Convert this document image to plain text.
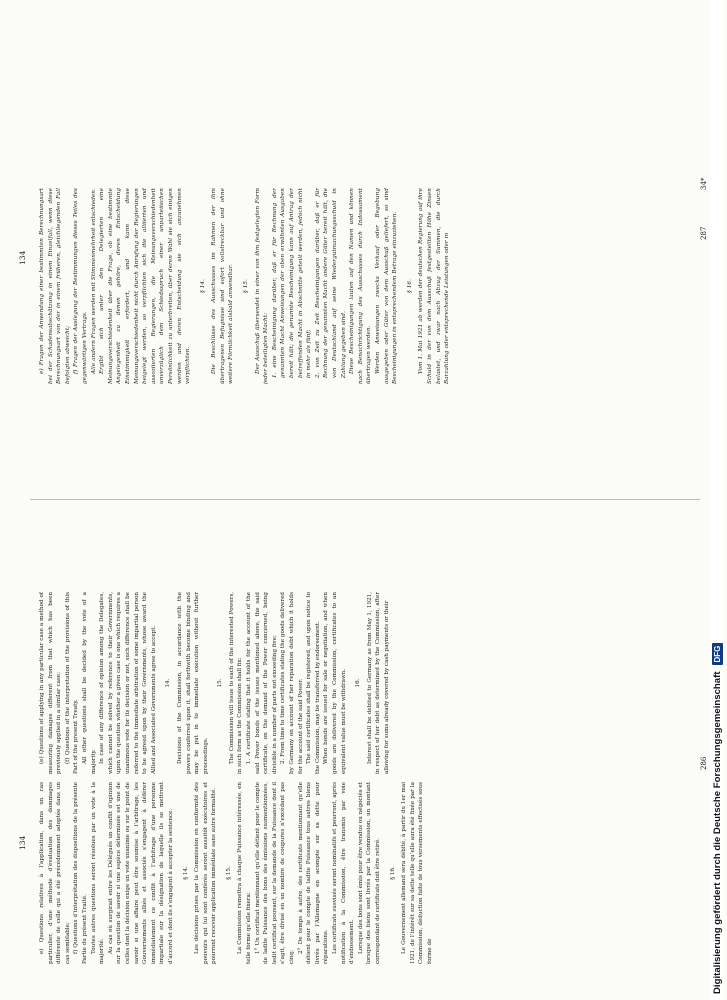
134
134

e) Questions relatives à l’application, dans un cas particulier, d’une méthode d’évaluation des dommages différente de celle qui a été précédemment adoptée dans un cas semblable; f) Questions d’interprétation des dispositions de la présente Partie du présent Traité. Toutes autres questions seront résolues par un vote à la majorité. Au cas où surgirait entre les Délégués un conflit d’opinion sur la question de savoir si une espèce déterminée est une de celles dont la décision exige un vote unanime ou sur le point de savoir si une affaire peut être soumise à l’arbitrage, les Gouvernements alliés et associés s’engagent à déférer immédiatement ce conflit à l’arbitrage d’une personne impartiale sur la désignation de laquelle ils se mettront d’accord et dont ils s’engagent à accepter la sentence. § 14. Les décisions prises par la Commission en conformité des pouvoirs qui lui sont conférés seront aussitôt exécutoires et pourront recevoir application immédiate sans autre formalité. § 15. La Commission remettra à chaque Puissance intéressée, en telle forme qu’elle fixera: 1° Un certificat mentionnant qu’elle détient pour le compte de ladite Puissance des bons des émissions susmentionnées, ledit certificat pouvant, sur la demande de la Puissance dont il s’agit, être divisé en un nombre de coupures n’excédant pas cinq;

2° De temps à autre, des certificats mentionnant qu’elle détient pour le compte de ladite Puissance tous autres biens livrés par l’Allemagne en acompte sur sa dette pour réparations. Les certificats susvisés seront nominatifs et pourront, après notification à la Commission, être transmis par voie d’endossement. Lorsque des bons sont émis pour être vendus ou négociés et lorsque des biens sont livrés par la Commission, un montant correspondant de certificats doit être retiré. § 16. Le Gouvernement allemand sera débité, à partir du 1er mai 1921, de l’intérêt sur sa dette telle qu’elle aura été fixée par la Commission, déduction faite de tous versements effectués sous forme de

(e) Questions of applying in any particular case a method of measuring damages different from that which has been previously applied in a similar case; (f) Questions of the interpretation of the provisions of this Part of the present Treaty. All other questions shall be decided by the vote of a majority. In case of any difference of opinion among the Delegates, which cannot be solved by reference to their Governments, upon the question whether a given case is one which requires a unanimous vote for its decision or not, such difference shall be referred to the immediate arbitration of some impartial person to be agreed upon by their Governments, whose award the Allied and Associated Governments agree to accept. 14. Decisions of the Commission, in accordance with the powers conferred upon it, shall forthwith become binding and may be put in to immediate execution without further proceedings.

15. The Commission will issue to each of the interested Powers, in such form as the Commission shall fix: 1. A certificate stating that it holds for the account of the said Power bonds of the issues mentioned above, the said certificate, on the demand of the Power concerned, being divisible in a number of parts not exceeding five; 2. From time to time certificates stating the goods delivered by Germany on account of her reparation debt which it holds for the account of the said Power. The said certificates shall be registered, and upon notice to the Commission, may be transferred by endorsement. When bonds are issued for sale or negotiation, and when goods are delivered by the Commission, certificates to an equivalent value must be withdrawn. 16. Interest shall be debited to Germany as from May 1, 1921, in respect of her debt as determined by the Commission, after allowing for sums already covered by cash payments or their

e) Fragen der Anwendung einer bestimmten Berechnungsart bei der Schadensabschätzung in einem Einzelfall, wenn diese Berechnungsart von der in einem früheren, gleichliegenden Fall befolgten abweicht; f) Fragen der Auslegung der Bestimmungen dieses Teiles des gegenwärtigen Vertrags. Alle andern Fragen werden mit Stimmenmehrheit entschieden. Ergibt sich unter den Delegierten eine Meinungsverschiedenheit über die Frage, ob eine bestimmte Angelegenheit zu denen gehöre, deren Entscheidung Einstimmigkeit erfordert, und kann diese Meinungsverschiedenheit nicht durch Anrufung der Regierungen beigelegt werden, so verpflichten sich die alliierten und assoziierten Regierungen, die Meinungsverschiedenheit unverzüglich dem Schiedsspruch einer unparteiischen Persönlichkeit zu unterbreiten, über deren Wahl sie sich einigen werden und deren Entscheidung sie sich anzunehmen verpflichten.

§ 14. Die Beschlüsse des Ausschusses im Rahmen der ihm übertragenen Befugnisse sind sofort vollstreckbar und ohne weitere Förmlichkeit alsbald anwendbar. § 15. Der Ausschuß übersendet in einer von ihm festgelegten Form jeder beteiligten Macht: 1. eine Bescheinigung darüber, daß er für Rechnung der genannten Macht Anweisungen der oben erwähnten Ausgaben bereit hält; die genannte Bescheinigung kann auf Antrag der betreffenden Macht in Abschnitte geteilt werden, jedoch nicht in mehr als fünf; 2. von Zeit zu Zeit Bescheinigungen darüber, daß er für Rechnung der genannten Macht andere Güter bereit hält, die von Deutschland auf seine Wiedergutmachungsschuld in Zahlung gegeben sind. Diese Bescheinigungen lauten auf den Namen und können nach Benachrichtigung des Ausschusses durch Indossament übertragen werden. Werden Anweisungen zwecks Verkauf oder Begebung ausgegeben oder Güter von dem Ausschuß geliefert, so sind Bescheinigungen in entsprechendem Betrage einzuziehen. § 16. Vom 1. Mai 1921 ab werden der deutschen Regierung auf ihre Schuld in der von dem Ausschuß festgestellten Höhe Zinsen belastet, und zwar nach Abzug der Summen, die durch Barzahlung oder entsprechende Leistungen oder in

286
287
34*
Digitalisierung gefördert durch die Deutsche Forschungsgemeinschaft
DFG
